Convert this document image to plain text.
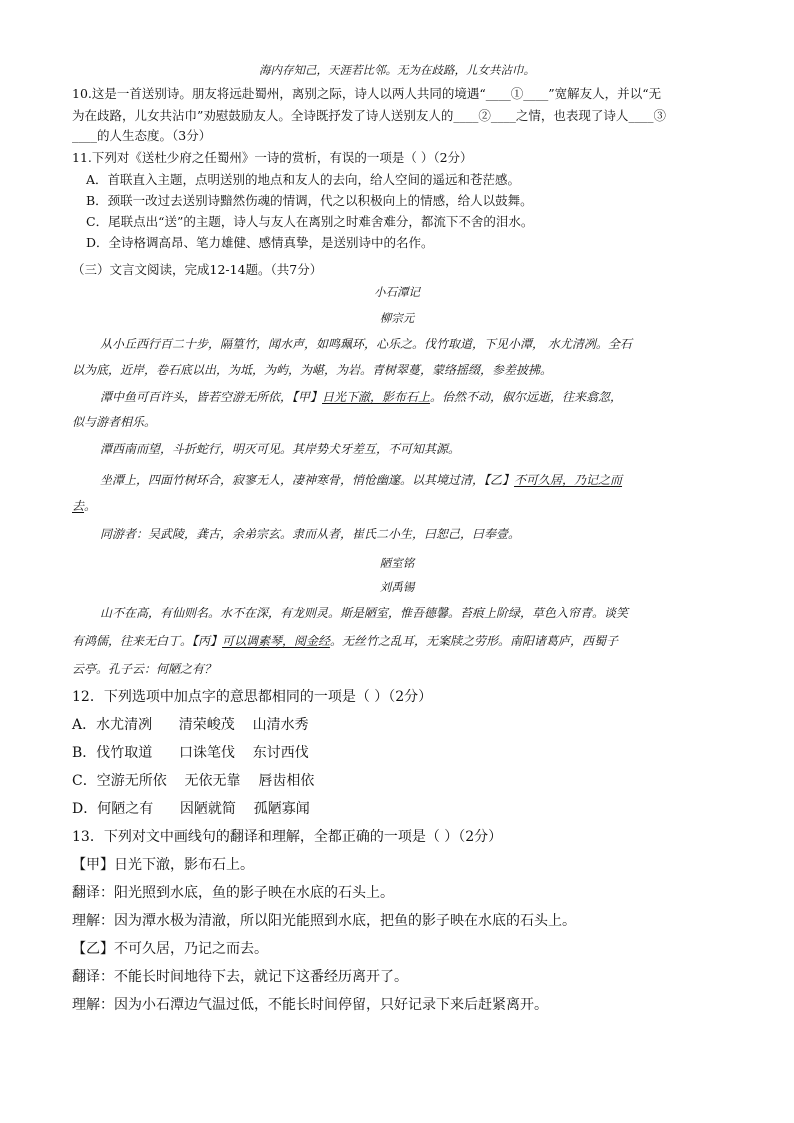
海内存知己，天涯若比邻。无为在歧路，儿女共沾巾。
10.这是一首送别诗。朋友将远赴蜀州，离别之际，诗人以两人共同的境遇“____①____”宽解友人，并以“无
为在歧路，儿女共沾巾”劝慰鼓励友人。全诗既抒发了诗人送别友人的____②____之情，也表现了诗人____③
____的人生态度。（3分）
11.下列对《送杜少府之任蜀州》一诗的赏析，有误的一项是（ ）（2分）
A．首联直入主题，点明送别的地点和友人的去向，给人空间的遥远和苍茫感。
B．颈联一改过去送别诗黯然伤魂的情调，代之以积极向上的情感，给人以鼓舞。
C．尾联点出“送”的主题，诗人与友人在离别之时难舍难分，都流下不舍的泪水。
D．全诗格调高昂、笔力雄健、感情真挚，是送别诗中的名作。
（三）文言文阅读，完成12-14题。（共7分）
小石潭记
柳宗元
从小丘西行百二十步，隔篁竹，闻水声，如鸣珮环，心乐之。伐竹取道，下见小潭， 水尤清冽。全石
以为底，近岸，卷石底以出，为坻，为屿，为嵁，为岩。青树翠蔓，蒙络摇缀，参差披拂。
潭中鱼可百许头，皆若空游无所依，【甲】日光下澈，影布石上。佁然不动，俶尔远逝，往来翕忽，
似与游者相乐。
潭西南而望，斗折蛇行，明灭可见。其岸势犬牙差互，不可知其源。
坐潭上，四面竹树环合，寂寥无人，凄神寒骨，悄怆幽邃。以其境过清，【乙】不可久居，乃记之而
去。
同游者：吴武陵，龚古，余弟宗玄。隶而从者，崔氏二小生，曰恕己，曰奉壹。
陋室铭
刘禹锡
山不在高，有仙则名。水不在深，有龙则灵。斯是陋室，惟吾德馨。苔痕上阶绿，草色入帘青。谈笑
有鸿儒，往来无白丁。【丙】可以调素琴，阅金经。无丝竹之乱耳，无案牍之劳形。南阳诸葛庐，西蜀子
云亭。孔子云：何陋之有？
12．下列选项中加点字的意思都相同的一项是（ ）（2分）
A．水尤清冽      清荣峻茂    山清水秀
B．伐竹取道      口诛笔伐    东讨西伐
C．空游无所依    无依无靠    唇齿相依
D．何陋之有      因陋就简    孤陋寡闻
13．下列对文中画线句的翻译和理解，全都正确的一项是（ ）（2分）
【甲】日光下澈，影布石上。
翻译：阳光照到水底，鱼的影子映在水底的石头上。
理解：因为潭水极为清澈，所以阳光能照到水底，把鱼的影子映在水底的石头上。
【乙】不可久居，乃记之而去。
翻译：不能长时间地待下去，就记下这番经历离开了。
理解：因为小石潭边气温过低，不能长时间停留，只好记录下来后赶紧离开。
